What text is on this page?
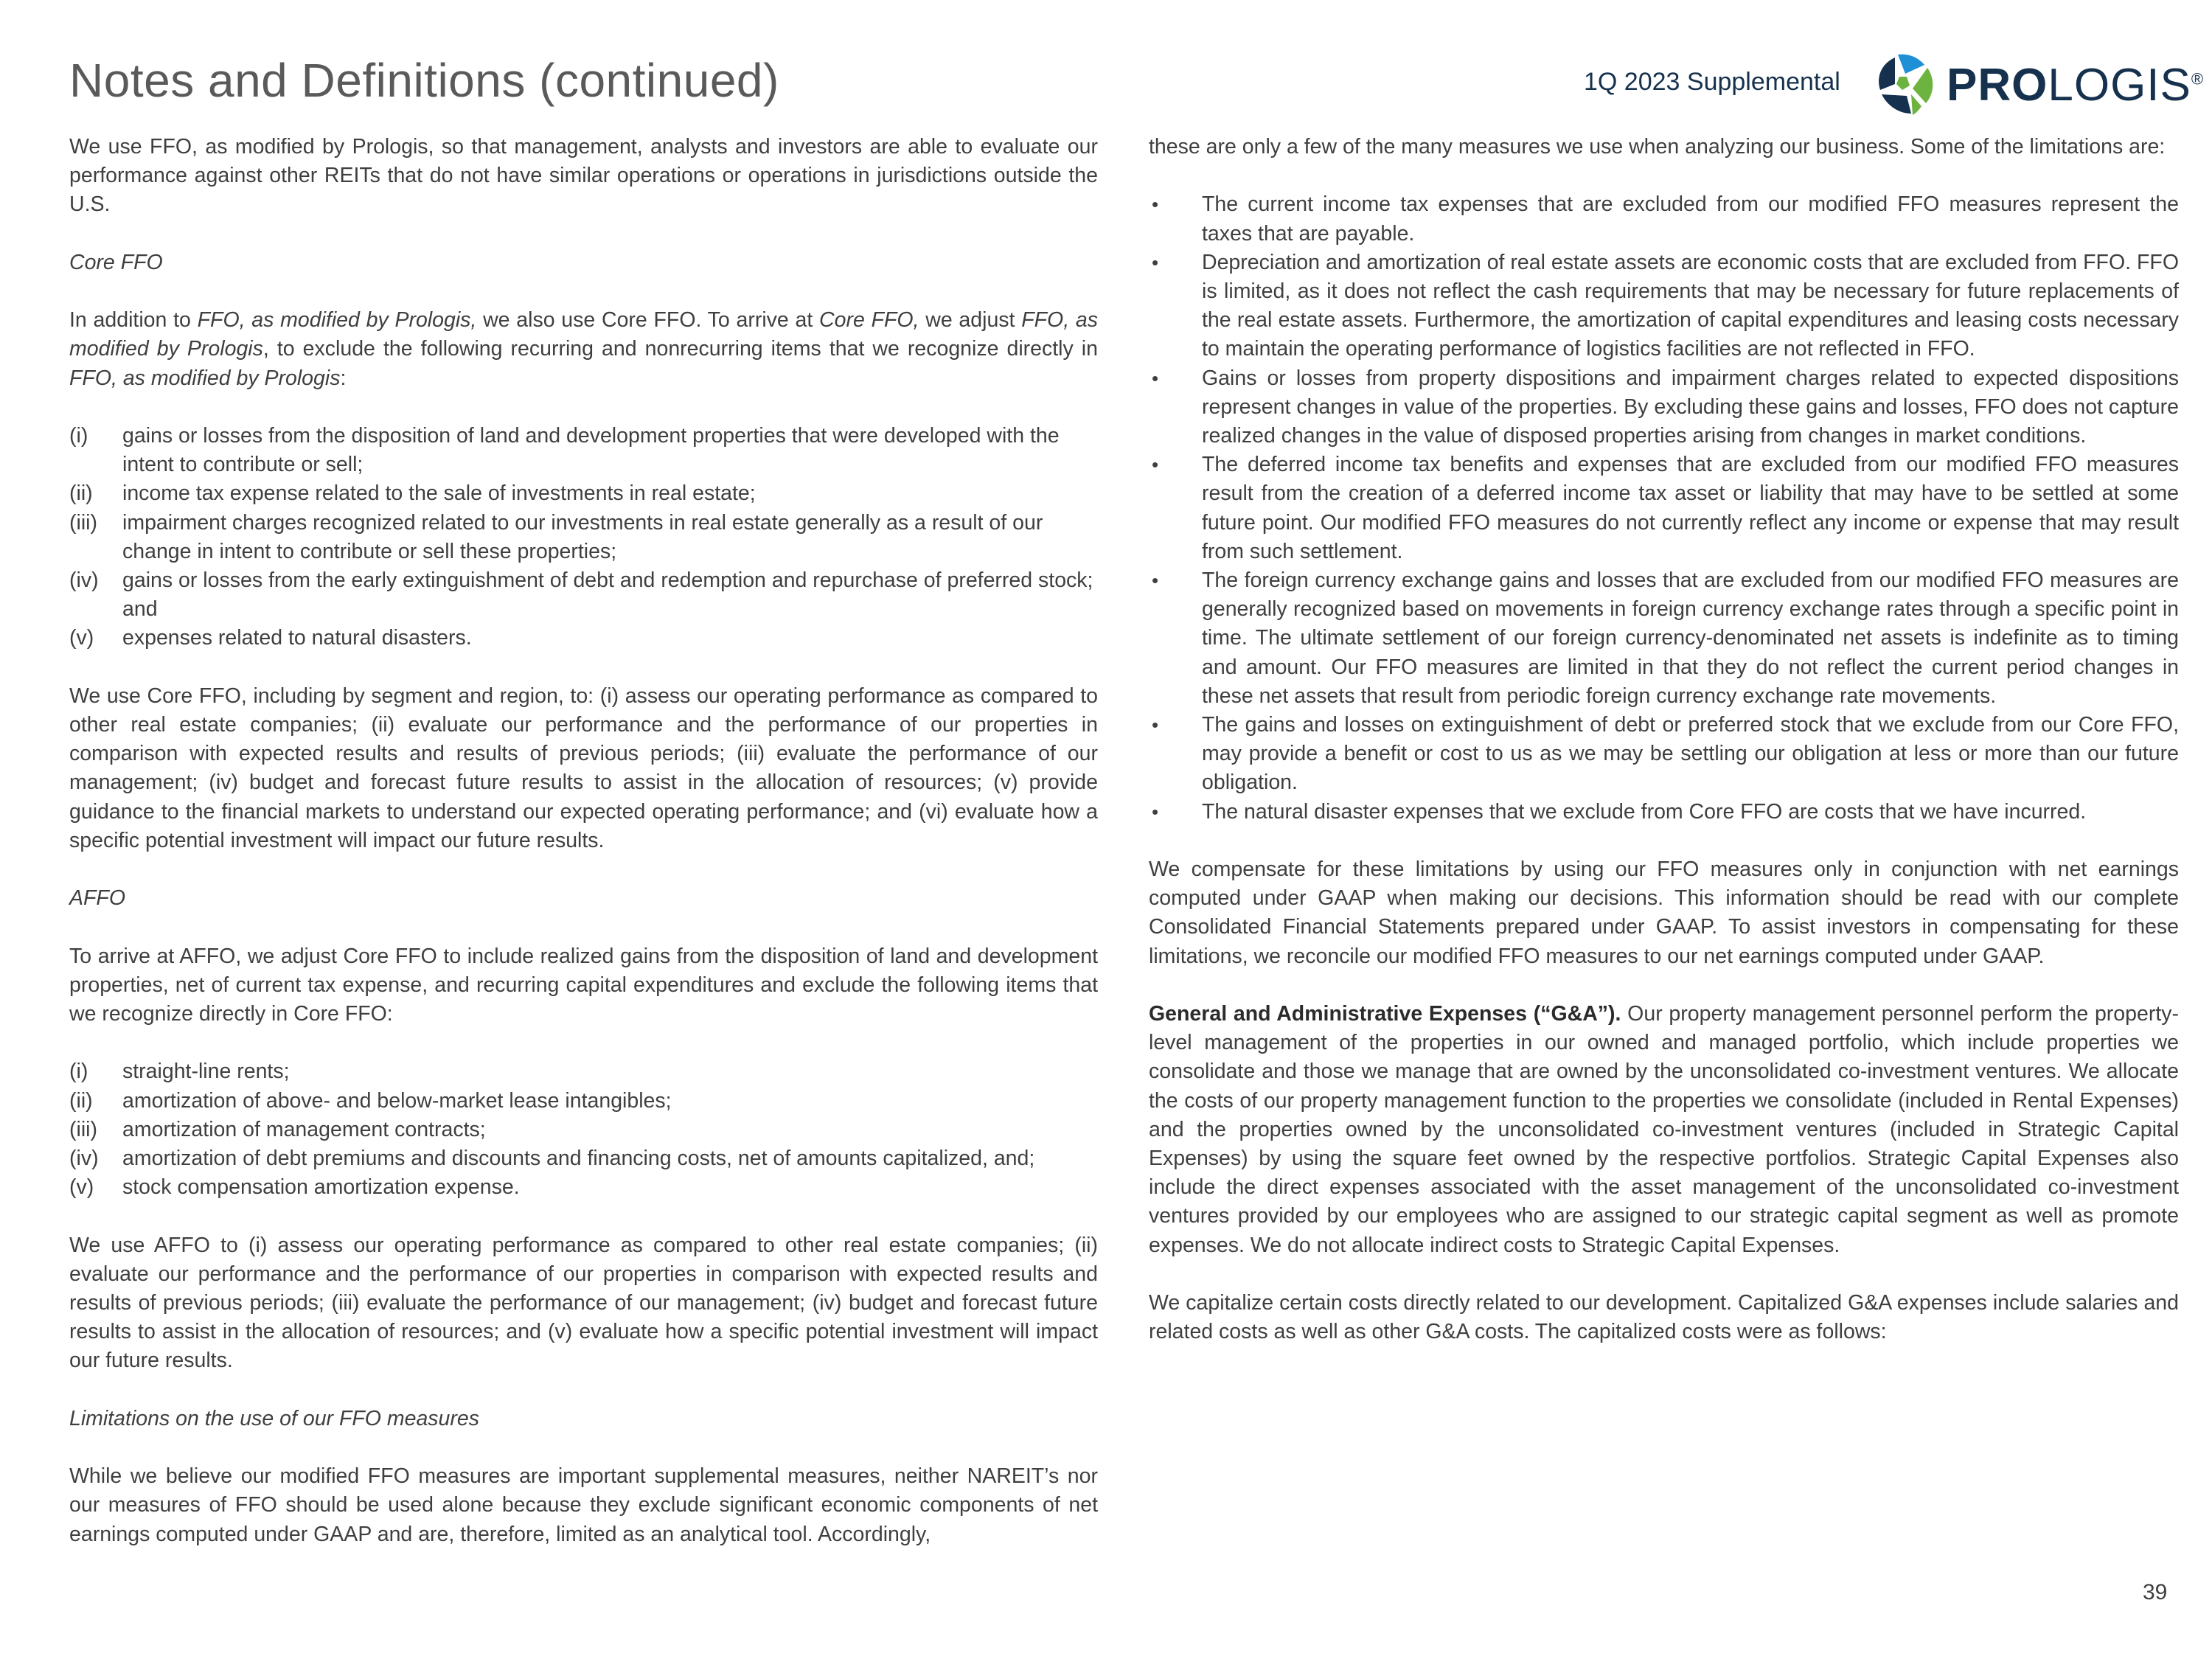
Notes and Definitions (continued)	1Q 2023 Supplemental PROLOGIS®

We use FFO, as modified by Prologis, so that management, analysts and investors are able to evaluate our performance against other REITs that do not have similar operations or operations in jurisdictions outside the U.S.

Core FFO

In addition to FFO, as modified by Prologis, we also use Core FFO. To arrive at Core FFO, we adjust FFO, as modified by Prologis, to exclude the following recurring and nonrecurring items that we recognize directly in FFO, as modified by Prologis:

(i) gains or losses from the disposition of land and development properties that were developed with the intent to contribute or sell;
(ii) income tax expense related to the sale of investments in real estate;
(iii) impairment charges recognized related to our investments in real estate generally as a result of our change in intent to contribute or sell these properties;
(iv) gains or losses from the early extinguishment of debt and redemption and repurchase of preferred stock; and
(v) expenses related to natural disasters.

We use Core FFO, including by segment and region, to: (i) assess our operating performance as compared to other real estate companies; (ii) evaluate our performance and the performance of our properties in comparison with expected results and results of previous periods; (iii) evaluate the performance of our management; (iv) budget and forecast future results to assist in the allocation of resources; (v) provide guidance to the financial markets to understand our expected operating performance; and (vi) evaluate how a specific potential investment will impact our future results.

AFFO

To arrive at AFFO, we adjust Core FFO to include realized gains from the disposition of land and development properties, net of current tax expense, and recurring capital expenditures and exclude the following items that we recognize directly in Core FFO:

(i) straight-line rents;
(ii) amortization of above- and below-market lease intangibles;
(iii) amortization of management contracts;
(iv) amortization of debt premiums and discounts and financing costs, net of amounts capitalized, and;
(v) stock compensation amortization expense.

We use AFFO to (i) assess our operating performance as compared to other real estate companies; (ii) evaluate our performance and the performance of our properties in comparison with expected results and results of previous periods; (iii) evaluate the performance of our management; (iv) budget and forecast future results to assist in the allocation of resources; and (v) evaluate how a specific potential investment will impact our future results.

Limitations on the use of our FFO measures

While we believe our modified FFO measures are important supplemental measures, neither NAREIT’s nor our measures of FFO should be used alone because they exclude significant economic components of net earnings computed under GAAP and are, therefore, limited as an analytical tool. Accordingly,

these are only a few of the many measures we use when analyzing our business. Some of the limitations are:

• The current income tax expenses that are excluded from our modified FFO measures represent the taxes that are payable.
• Depreciation and amortization of real estate assets are economic costs that are excluded from FFO. FFO is limited, as it does not reflect the cash requirements that may be necessary for future replacements of the real estate assets. Furthermore, the amortization of capital expenditures and leasing costs necessary to maintain the operating performance of logistics facilities are not reflected in FFO.
• Gains or losses from property dispositions and impairment charges related to expected dispositions represent changes in value of the properties. By excluding these gains and losses, FFO does not capture realized changes in the value of disposed properties arising from changes in market conditions.
• The deferred income tax benefits and expenses that are excluded from our modified FFO measures result from the creation of a deferred income tax asset or liability that may have to be settled at some future point. Our modified FFO measures do not currently reflect any income or expense that may result from such settlement.
• The foreign currency exchange gains and losses that are excluded from our modified FFO measures are generally recognized based on movements in foreign currency exchange rates through a specific point in time. The ultimate settlement of our foreign currency-denominated net assets is indefinite as to timing and amount. Our FFO measures are limited in that they do not reflect the current period changes in these net assets that result from periodic foreign currency exchange rate movements.
• The gains and losses on extinguishment of debt or preferred stock that we exclude from our Core FFO, may provide a benefit or cost to us as we may be settling our obligation at less or more than our future obligation.
• The natural disaster expenses that we exclude from Core FFO are costs that we have incurred.

We compensate for these limitations by using our FFO measures only in conjunction with net earnings computed under GAAP when making our decisions. This information should be read with our complete Consolidated Financial Statements prepared under GAAP. To assist investors in compensating for these limitations, we reconcile our modified FFO measures to our net earnings computed under GAAP.

General and Administrative Expenses (“G&A”). Our property management personnel perform the property-level management of the properties in our owned and managed portfolio, which include properties we consolidate and those we manage that are owned by the unconsolidated co-investment ventures. We allocate the costs of our property management function to the properties we consolidate (included in Rental Expenses) and the properties owned by the unconsolidated co-investment ventures (included in Strategic Capital Expenses) by using the square feet owned by the respective portfolios. Strategic Capital Expenses also include the direct expenses associated with the asset management of the unconsolidated co-investment ventures provided by our employees who are assigned to our strategic capital segment as well as promote expenses. We do not allocate indirect costs to Strategic Capital Expenses.

We capitalize certain costs directly related to our development. Capitalized G&A expenses include salaries and related costs as well as other G&A costs. The capitalized costs were as follows:

39
